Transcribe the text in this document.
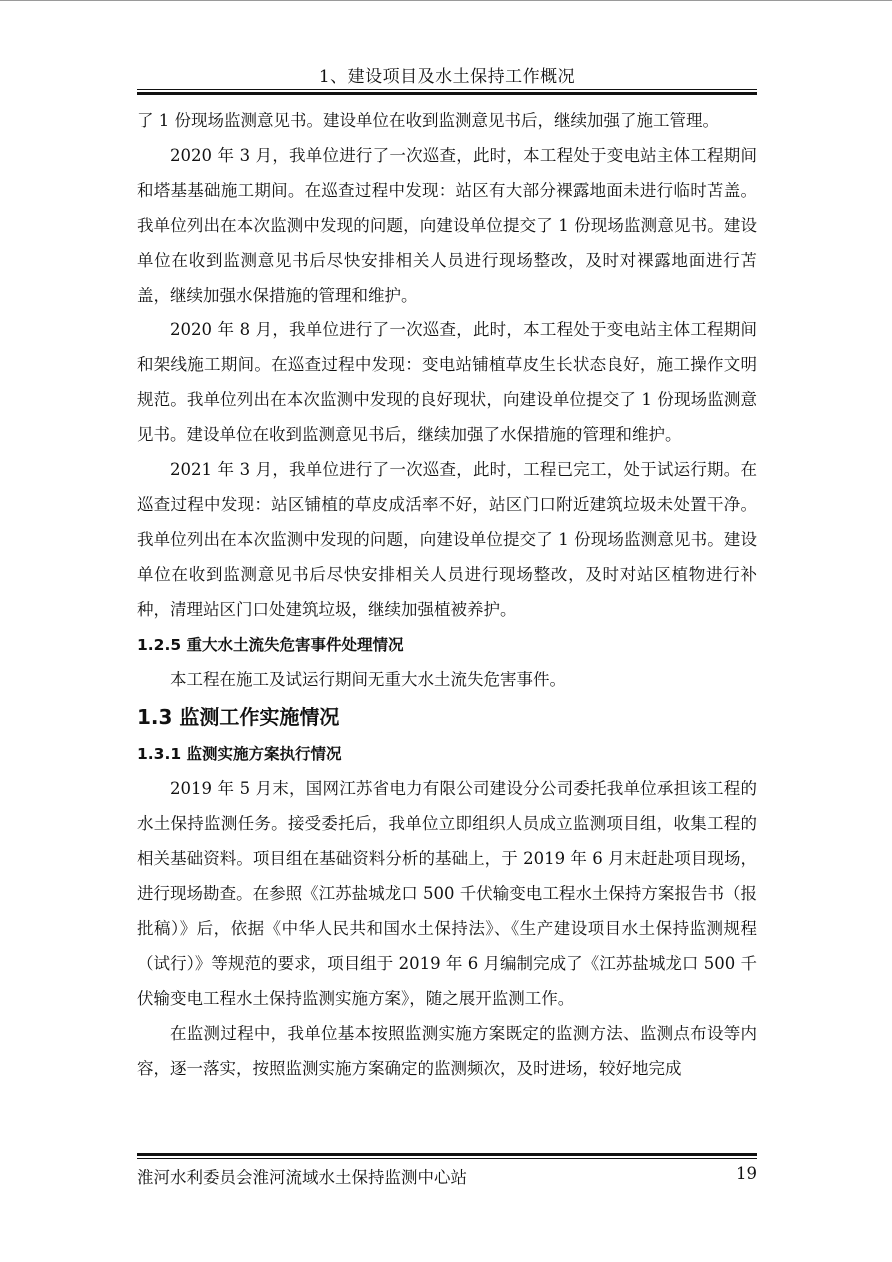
1、建设项目及水土保持工作概况

了 1 份现场监测意见书。建设单位在收到监测意见书后，继续加强了施工管理。

2020 年 3 月，我单位进行了一次巡查，此时，本工程处于变电站主体工程期间和塔基基础施工期间。在巡查过程中发现：站区有大部分裸露地面未进行临时苫盖。我单位列出在本次监测中发现的问题，向建设单位提交了 1 份现场监测意见书。建设单位在收到监测意见书后尽快安排相关人员进行现场整改，及时对裸露地面进行苫盖，继续加强水保措施的管理和维护。

2020 年 8 月，我单位进行了一次巡查，此时，本工程处于变电站主体工程期间和架线施工期间。在巡查过程中发现：变电站铺植草皮生长状态良好，施工操作文明规范。我单位列出在本次监测中发现的良好现状，向建设单位提交了 1 份现场监测意见书。建设单位在收到监测意见书后，继续加强了水保措施的管理和维护。

2021 年 3 月，我单位进行了一次巡查，此时，工程已完工，处于试运行期。在巡查过程中发现：站区铺植的草皮成活率不好，站区门口附近建筑垃圾未处置干净。我单位列出在本次监测中发现的问题，向建设单位提交了 1 份现场监测意见书。建设单位在收到监测意见书后尽快安排相关人员进行现场整改，及时对站区植物进行补种，清理站区门口处建筑垃圾，继续加强植被养护。

1.2.5 重大水土流失危害事件处理情况

本工程在施工及试运行期间无重大水土流失危害事件。

1.3 监测工作实施情况

1.3.1 监测实施方案执行情况

2019 年 5 月末，国网江苏省电力有限公司建设分公司委托我单位承担该工程的水土保持监测任务。接受委托后，我单位立即组织人员成立监测项目组，收集工程的相关基础资料。项目组在基础资料分析的基础上，于 2019 年 6 月末赶赴项目现场，进行现场勘查。在参照《江苏盐城龙口 500 千伏输变电工程水土保持方案报告书（报批稿）》后，依据《中华人民共和国水土保持法》、《生产建设项目水土保持监测规程（试行）》等规范的要求，项目组于 2019 年 6 月编制完成了《江苏盐城龙口 500 千伏输变电工程水土保持监测实施方案》，随之展开监测工作。

在监测过程中，我单位基本按照监测实施方案既定的监测方法、监测点布设等内容，逐一落实，按照监测实施方案确定的监测频次，及时进场，较好地完成

淮河水利委员会淮河流域水土保持监测中心站	19
